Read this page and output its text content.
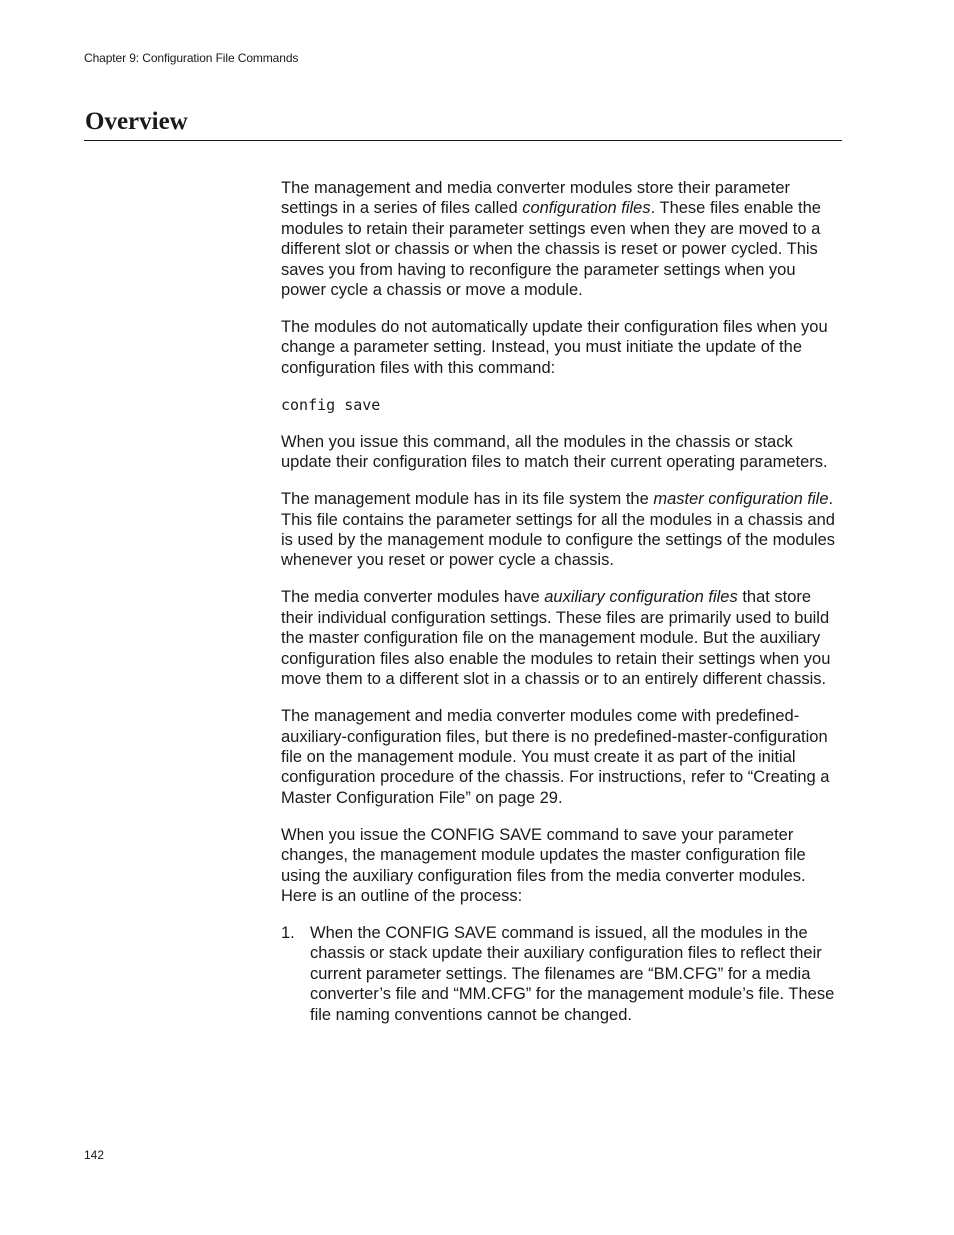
Chapter 9: Configuration File Commands
Overview

The management and media converter modules store their parameter settings in a series of files called configuration files. These files enable the modules to retain their parameter settings even when they are moved to a different slot or chassis or when the chassis is reset or power cycled. This saves you from having to reconfigure the parameter settings when you power cycle a chassis or move a module.

The modules do not automatically update their configuration files when you change a parameter setting. Instead, you must initiate the update of the configuration files with this command:

config save

When you issue this command, all the modules in the chassis or stack update their configuration files to match their current operating parameters.

The management module has in its file system the master configuration file. This file contains the parameter settings for all the modules in a chassis and is used by the management module to configure the settings of the modules whenever you reset or power cycle a chassis.

The media converter modules have auxiliary configuration files that store their individual configuration settings. These files are primarily used to build the master configuration file on the management module. But the auxiliary configuration files also enable the modules to retain their settings when you move them to a different slot in a chassis or to an entirely different chassis.

The management and media converter modules come with predefined-auxiliary-configuration files, but there is no predefined-master-configuration file on the management module. You must create it as part of the initial configuration procedure of the chassis. For instructions, refer to “Creating a Master Configuration File” on page 29.

When you issue the CONFIG SAVE command to save your parameter changes, the management module updates the master configuration file using the auxiliary configuration files from the media converter modules. Here is an outline of the process:

1. When the CONFIG SAVE command is issued, all the modules in the chassis or stack update their auxiliary configuration files to reflect their current parameter settings. The filenames are “BM.CFG” for a media converter’s file and “MM.CFG” for the management module’s file. These file naming conventions cannot be changed.
142
